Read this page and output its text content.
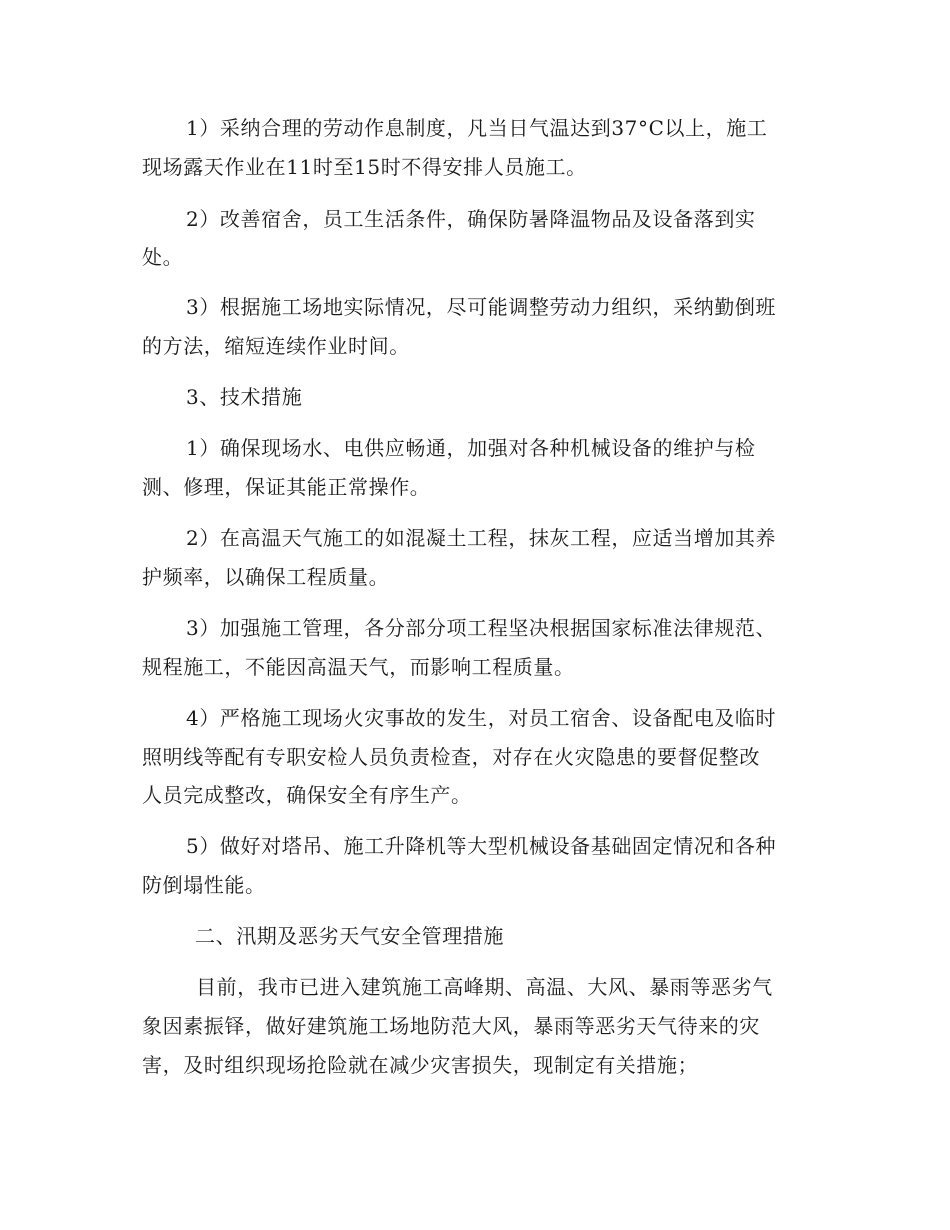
1）采纳合理的劳动作息制度，凡当日气温达到37°C以上，施工
现场露天作业在11时至15时不得安排人员施工。
2）改善宿舍，员工生活条件，确保防暑降温物品及设备落到实
处。
3）根据施工场地实际情况，尽可能调整劳动力组织，采纳勤倒班
的方法，缩短连续作业时间。
3、技术措施
1）确保现场水、电供应畅通，加强对各种机械设备的维护与检
测、修理，保证其能正常操作。
2）在高温天气施工的如混凝土工程，抹灰工程，应适当增加其养
护频率，以确保工程质量。
3）加强施工管理，各分部分项工程坚决根据国家标准法律规范、
规程施工，不能因高温天气，而影响工程质量。
4）严格施工现场火灾事故的发生，对员工宿舍、设备配电及临时
照明线等配有专职安检人员负责检查，对存在火灾隐患的要督促整改
人员完成整改，确保安全有序生产。
5）做好对塔吊、施工升降机等大型机械设备基础固定情况和各种
防倒塌性能。
二、汛期及恶劣天气安全管理措施
目前，我市已进入建筑施工高峰期、高温、大风、暴雨等恶劣气
象因素振铎，做好建筑施工场地防范大风，暴雨等恶劣天气待来的灾
害，及时组织现场抢险就在减少灾害损失，现制定有关措施；
